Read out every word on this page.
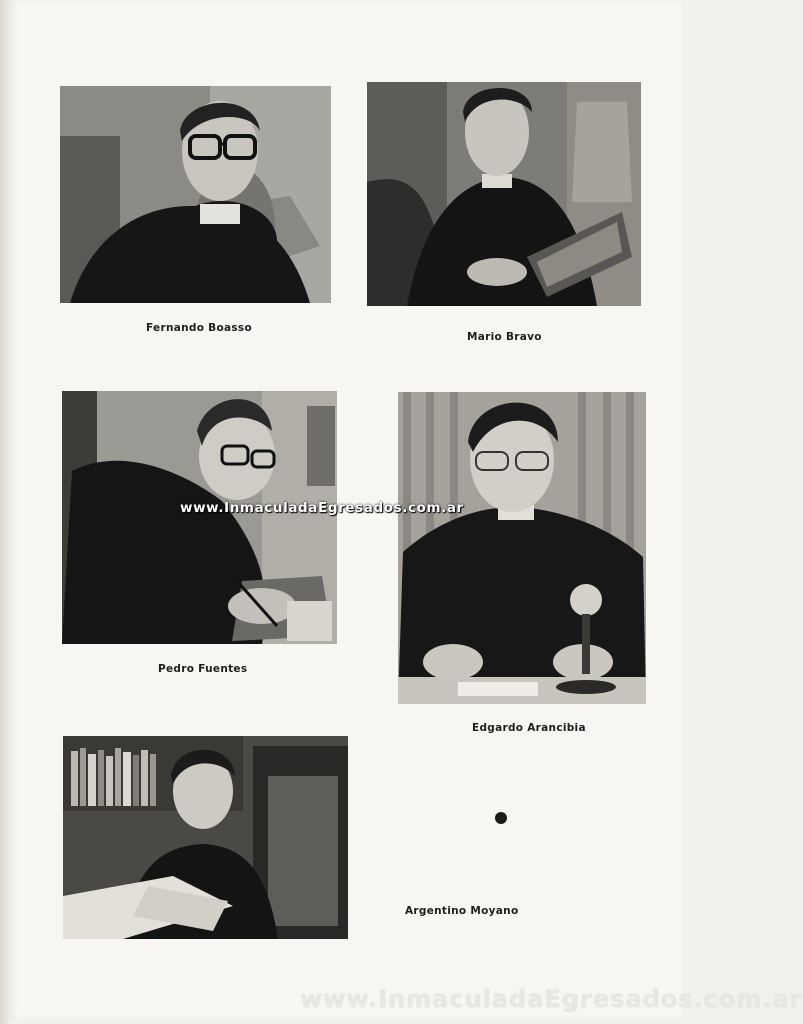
Fernando Boasso
Mario Bravo
Pedro Fuentes
Edgardo Arancibia
Argentino Moyano
www.InmaculadaEgresados.com.ar
www.InmaculadaEgresados.com.ar
